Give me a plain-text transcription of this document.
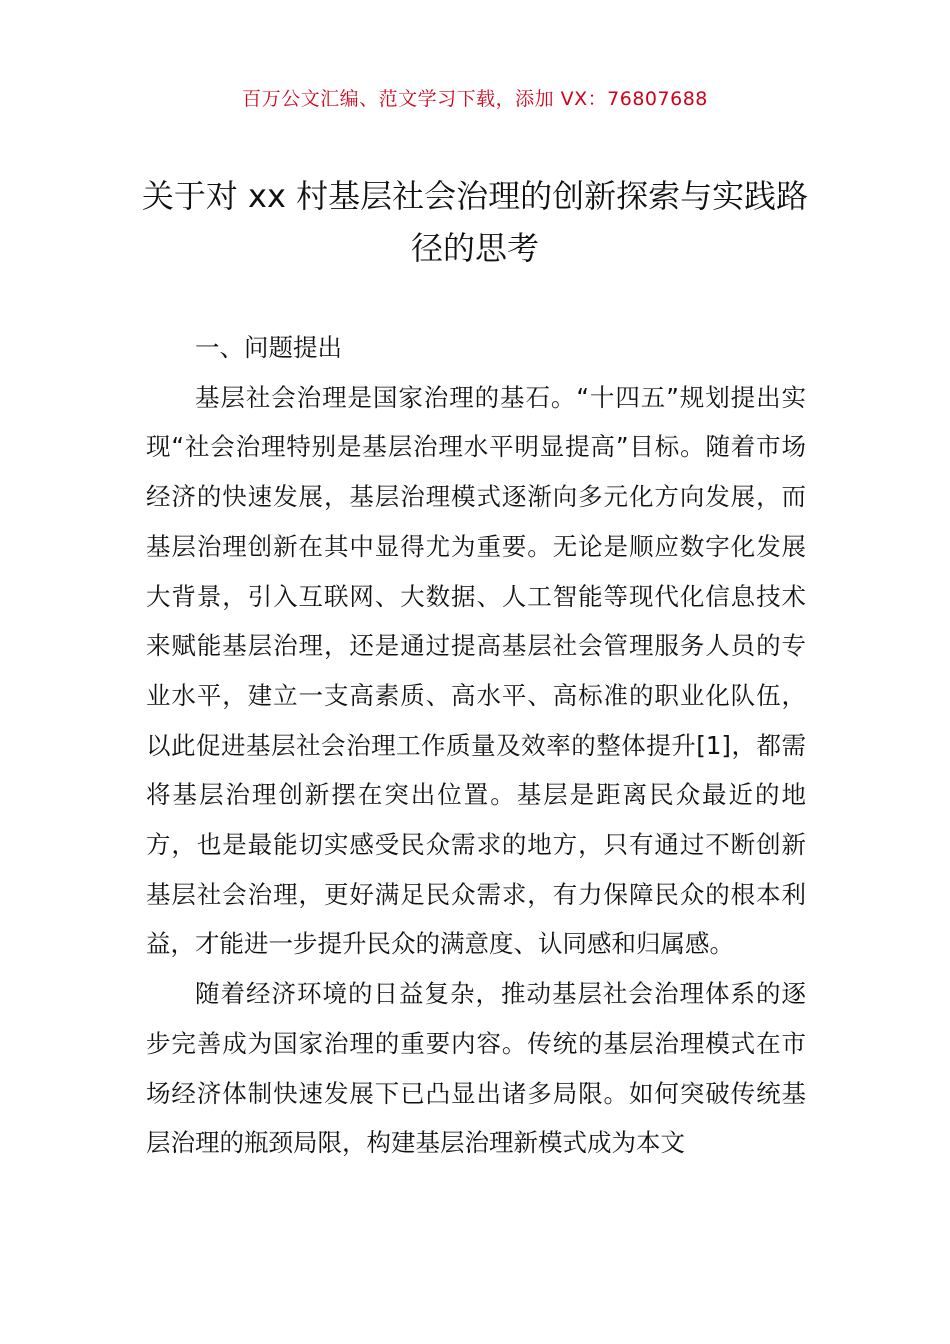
百万公文汇编、范文学习下载，添加 VX：76807688
关于对 xx 村基层社会治理的创新探索与实践路径的思考
一、问题提出

基层社会治理是国家治理的基石。“十四五”规划提出实现“社会治理特别是基层治理水平明显提高”目标。随着市场经济的快速发展，基层治理模式逐渐向多元化方向发展，而基层治理创新在其中显得尤为重要。无论是顺应数字化发展大背景，引入互联网、大数据、人工智能等现代化信息技术来赋能基层治理，还是通过提高基层社会管理服务人员的专业水平，建立一支高素质、高水平、高标准的职业化队伍，以此促进基层社会治理工作质量及效率的整体提升[1]，都需将基层治理创新摆在突出位置。基层是距离民众最近的地方，也是最能切实感受民众需求的地方，只有通过不断创新基层社会治理，更好满足民众需求，有力保障民众的根本利益，才能进一步提升民众的满意度、认同感和归属感。

随着经济环境的日益复杂，推动基层社会治理体系的逐步完善成为国家治理的重要内容。传统的基层治理模式在市场经济体制快速发展下已凸显出诸多局限。如何突破传统基层治理的瓶颈局限，构建基层治理新模式成为本文
